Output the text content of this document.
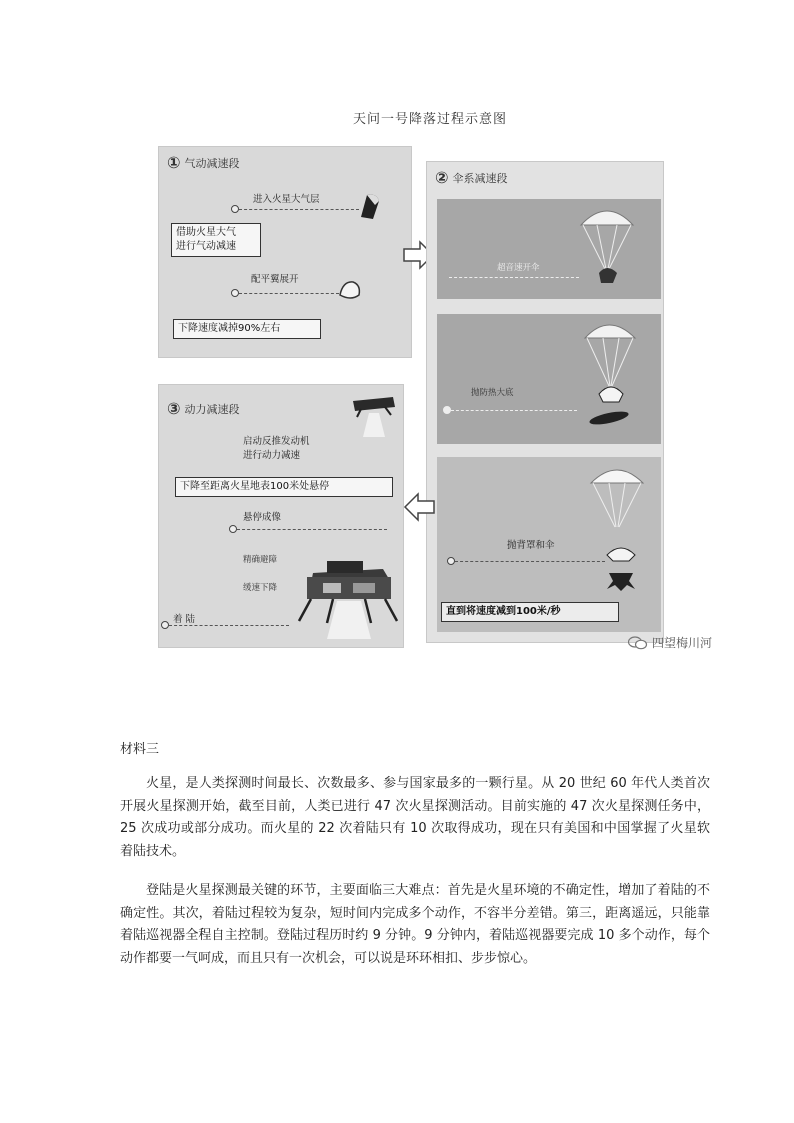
天问一号降落过程示意图
① 气动减速段
进入火星大气层
借助火星大气
进行气动减速
配平翼展开
下降速度减掉90%左右
② 伞系减速段
超音速开伞
抛防热大底
抛背罩和伞
直到将速度减到100米/秒
③ 动力减速段
启动反推发动机
进行动力减速
下降至距离火星地表100米处悬停
悬停成像
精确避障
缓速下降
着 陆
四望梅川河
材料三
火星，是人类探测时间最长、次数最多、参与国家最多的一颗行星。从 20 世纪 60 年代人类首次开展火星探测开始，截至目前，人类已进行 47 次火星探测活动。目前实施的 47 次火星探测任务中，25 次成功或部分成功。而火星的 22 次着陆只有 10 次取得成功，现在只有美国和中国掌握了火星软着陆技术。
登陆是火星探测最关键的环节，主要面临三大难点：首先是火星环境的不确定性，增加了着陆的不确定性。其次，着陆过程较为复杂，短时间内完成多个动作，不容半分差错。第三，距离遥远，只能靠着陆巡视器全程自主控制。登陆过程历时约 9 分钟。9 分钟内，着陆巡视器要完成 10 多个动作，每个动作都要一气呵成，而且只有一次机会，可以说是环环相扣、步步惊心。
